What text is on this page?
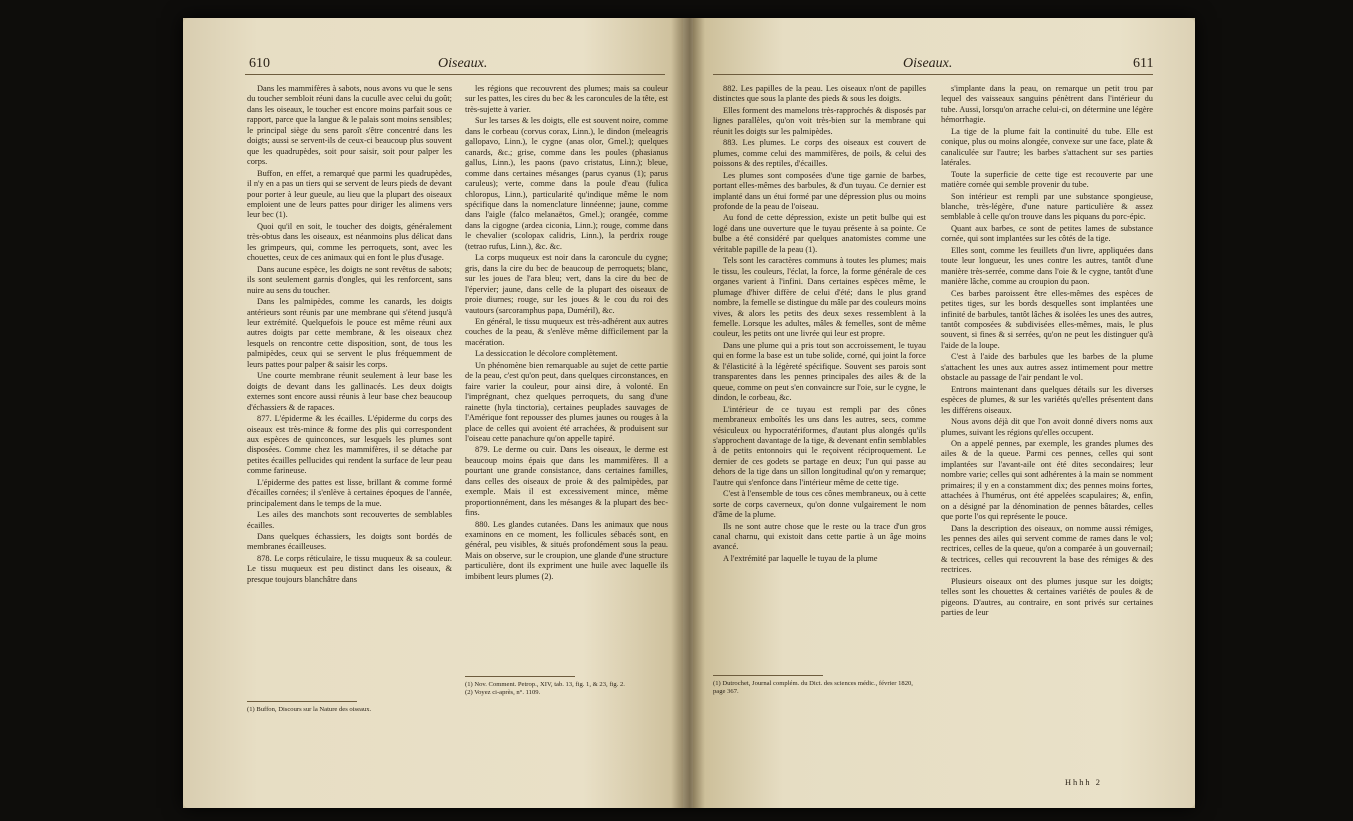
610	Oiseaux.

Dans les mammifères à sabots, nous avons vu que le sens du toucher sembloit réuni dans la cuculle avec celui du goût; dans les oiseaux, le toucher est encore moins parfait sous ce rapport, parce que la langue & le palais sont moins sensibles; le principal siège du sens paroît s'être concentré dans les doigts; aussi se servent-ils de ceux-ci beaucoup plus souvent que les quadrupèdes, soit pour saisir, soit pour palper les corps.

Buffon, en effet, a remarqué que parmi les quadrupèdes, il n'y en a pas un tiers qui se servent de leurs pieds de devant pour porter à leur gueule, au lieu que la plupart des oiseaux emploient une de leurs pattes pour diriger les alimens vers leur bec (1).

Quoi qu'il en soit, le toucher des doigts, généralement très-obtus dans les oiseaux, est néanmoins plus délicat dans les grimpeurs, qui, comme les perroquets, sont, avec les chouettes, ceux de ces animaux qui en font le plus d'usage.

Dans aucune espèce, les doigts ne sont revêtus de sabots; ils sont seulement garnis d'ongles, qui les renforcent, sans nuire au sens du toucher.

Dans les palmipèdes, comme les canards, les doigts antérieurs sont réunis par une membrane qui s'étend jusqu'à leur extrémité. Quelquefois le pouce est même réuni aux autres doigts par cette membrane, & les oiseaux chez lesquels on rencontre cette disposition, sont, de tous les palmipèdes, ceux qui se servent le plus fréquemment de leurs pattes pour palper & saisir les corps.

Une courte membrane réunit seulement à leur base les doigts de devant dans les gallinacés. Les deux doigts externes sont encore aussi réunis à leur base chez beaucoup d'échassiers & de rapaces.

877. L'épiderme & les écailles. L'épiderme du corps des oiseaux est très-mince & forme des plis qui correspondent aux espèces de quinconces, sur lesquels les plumes sont disposées. Comme chez les mammifères, il se détache par petites écailles pellucides qui rendent la surface de leur peau comme farineuse.

L'épiderme des pattes est lisse, brillant & comme formé d'écailles cornées; il s'enlève à certaines époques de l'année, principalement dans le temps de la mue.

Les ailes des manchots sont recouvertes de semblables écailles.

Dans quelques échassiers, les doigts sont bordés de membranes écailleuses.

878. Le corps réticulaire, le tissu muqueux & sa couleur. Le tissu muqueux est peu distinct dans les oiseaux, & presque toujours blanchâtre dans

(1) Buffon, Discours sur la Nature des oiseaux.

les régions que recouvrent des plumes; mais sa couleur sur les pattes, les cires du bec & les caroncules de la tête, est très-sujette à varier.

Sur les tarses & les doigts, elle est souvent noire, comme dans le corbeau (corvus corax, Linn.), le dindon (meleagris gallopavo, Linn.), le cygne (anas olor, Gmel.); quelques canards, &c.; grise, comme dans les poules (phasianus gallus, Linn.), les paons (pavo cristatus, Linn.); bleue, comme dans certaines mésanges (parus cyanus (1); parus caruleus); verte, comme dans la poule d'eau (fulica chloropus, Linn.), particularité qu'indique même le nom spécifique dans la nomenclature linnéenne; jaune, comme dans l'aigle (falco melanaëtos, Gmel.); orangée, comme dans la cigogne (ardea ciconia, Linn.); rouge, comme dans le chevalier (scolopax calidris, Linn.), la perdrix rouge (tetrao rufus, Linn.), &c. &c.

La corps muqueux est noir dans la caroncule du cygne; gris, dans la cire du bec de beaucoup de perroquets; blanc, sur les joues de l'ara bleu; vert, dans la cire du bec de l'épervier; jaune, dans celle de la plupart des oiseaux de proie diurnes; rouge, sur les joues & le cou du roi des vautours (sarcoramphus papa, Duméril), &c.

En général, le tissu muqueux est très-adhérent aux autres couches de la peau, & s'enlève même difficilement par la macération.

La dessiccation le décolore complètement.

Un phénomène bien remarquable au sujet de cette partie de la peau, c'est qu'on peut, dans quelques circonstances, en faire varier la couleur, pour ainsi dire, à volonté. En l'imprégnant, chez quelques perroquets, du sang d'une rainette (hyla tinctoria), certaines peuplades sauvages de l'Amérique font repousser des plumes jaunes ou rouges à la place de celles qui avoient été arrachées, & produisent sur l'oiseau cette panachure qu'on appelle tapiré.

879. Le derme ou cuir. Dans les oiseaux, le derme est beaucoup moins épais que dans les mammifères. Il a pourtant une grande consistance, dans certaines familles, dans celles des oiseaux de proie & des palmipèdes, par exemple. Mais il est excessivement mince, même proportionnément, dans les mésanges & la plupart des bec-fins.

880. Les glandes cutanées. Dans les animaux que nous examinons en ce moment, les follicules sébacés sont, en général, peu visibles, & situés profondément sous la peau. Mais on observe, sur le croupion, une glande d'une structure particulière, dont ils expriment une huile avec laquelle ils imbibent leurs plumes (2).

(1) Nov. Comment. Petrop., XIV, tab. 13, fig. 1, & 23, fig. 2.
(2) Voyez ci-après, n°. 1109.
Oiseaux.	611

882. Les papilles de la peau. Les oiseaux n'ont de papilles distinctes que sous la plante des pieds & sous les doigts.

Elles forment des mamelons très-rapprochés & disposés par lignes parallèles, qu'on voit très-bien sur la membrane qui réunit les doigts sur les palmipèdes.

883. Les plumes. Le corps des oiseaux est couvert de plumes, comme celui des mammifères, de poils, & celui des poissons & des reptiles, d'écailles.

Les plumes sont composées d'une tige garnie de barbes, portant elles-mêmes des barbules, & d'un tuyau. Ce dernier est implanté dans un étui formé par une dépression plus ou moins profonde de la peau de l'oiseau.

Au fond de cette dépression, existe un petit bulbe qui est logé dans une ouverture que le tuyau présente à sa pointe. Ce bulbe a été considéré par quelques anatomistes comme une véritable papille de la peau (1).

Tels sont les caractères communs à toutes les plumes; mais le tissu, les couleurs, l'éclat, la force, la forme générale de ces organes varient à l'infini. Dans certaines espèces même, le plumage d'hiver diffère de celui d'été; dans le plus grand nombre, la femelle se distingue du mâle par des couleurs moins vives, & alors les petits des deux sexes ressemblent à la femelle. Lorsque les adultes, mâles & femelles, sont de même couleur, les petits ont une livrée qui leur est propre.

Dans une plume qui a pris tout son accroissement, le tuyau qui en forme la base est un tube solide, corné, qui joint la force & l'élasticité à la légèreté spécifique. Souvent ses parois sont transparentes dans les pennes principales des ailes & de la queue, comme on peut s'en convaincre sur l'oie, sur le cygne, le dindon, le corbeau, &c.

L'intérieur de ce tuyau est rempli par des cônes membraneux emboîtés les uns dans les autres, secs, comme vésiculeux ou hypocratériformes, d'autant plus alongés qu'ils s'approchent davantage de la tige, & devenant enfin semblables à de petits entonnoirs qui le reçoivent réciproquement. Le dernier de ces godets se partage en deux; l'un qui passe au dehors de la tige dans un sillon longitudinal qu'on y remarque; l'autre qui s'enfonce dans l'intérieur même de cette tige.

C'est à l'ensemble de tous ces cônes membraneux, ou à cette sorte de corps caverneux, qu'on donne vulgairement le nom d'âme de la plume.

Ils ne sont autre chose que le reste ou la trace d'un gros canal charnu, qui existoit dans cette partie à un âge moins avancé.

A l'extrémité par laquelle le tuyau de la plume

(1) Dutrochet, Journal complém. du Dict. des sciences médic., février 1820, page 367.

s'implante dans la peau, on remarque un petit trou par lequel des vaisseaux sanguins pénètrent dans l'intérieur du tube. Aussi, lorsqu'on arrache celui-ci, on détermine une légère hémorrhagie.

La tige de la plume fait la continuité du tube. Elle est conique, plus ou moins alongée, convexe sur une face, plate & canaliculée sur l'autre; les barbes s'attachent sur ses parties latérales.

Toute la superficie de cette tige est recouverte par une matière cornée qui semble provenir du tube.

Son intérieur est rempli par une substance spongieuse, blanche, très-légère, d'une nature particulière & assez semblable à celle qu'on trouve dans les piquans du porc-épic.

Quant aux barbes, ce sont de petites lames de substance cornée, qui sont implantées sur les côtés de la tige.

Elles sont, comme les feuillets d'un livre, appliquées dans toute leur longueur, les unes contre les autres, tantôt d'une manière très-serrée, comme dans l'oie & le cygne, tantôt d'une manière lâche, comme au croupion du paon.

Ces barbes paroissent être elles-mêmes des espèces de petites tiges, sur les bords desquelles sont implantées une infinité de barbules, tantôt lâches & isolées les unes des autres, tantôt composées & subdivisées elles-mêmes, mais, le plus souvent, si fines & si serrées, qu'on ne peut les distinguer qu'à l'aide de la loupe.

C'est à l'aide des barbules que les barbes de la plume s'attachent les unes aux autres assez intimement pour mettre obstacle au passage de l'air pendant le vol.

Entrons maintenant dans quelques détails sur les diverses espèces de plumes, & sur les variétés qu'elles présentent dans les différens oiseaux.

Nous avons déjà dit que l'on avoit donné divers noms aux plumes, suivant les régions qu'elles occupent.

On a appelé pennes, par exemple, les grandes plumes des ailes & de la queue. Parmi ces pennes, celles qui sont implantées sur l'avant-aile ont été dites secondaires; leur nombre varie; celles qui sont adhérentes à la main se nomment primaires; il y en a constamment dix; des pennes moins fortes, attachées à l'humérus, ont été appelées scapulaires; &, enfin, on a désigné par la dénomination de pennes bâtardes, celles que porte l'os qui représente le pouce.

Dans la description des oiseaux, on nomme aussi rémiges, les pennes des ailes qui servent comme de rames dans le vol; rectrices, celles de la queue, qu'on a comparée à un gouvernail; & tectrices, celles qui recouvrent la base des rémiges & des rectrices.

Plusieurs oiseaux ont des plumes jusque sur les doigts; telles sont les chouettes & certaines variétés de poules & de pigeons. D'autres, au contraire, en sont privés sur certaines parties de leur

Hhhh 2
